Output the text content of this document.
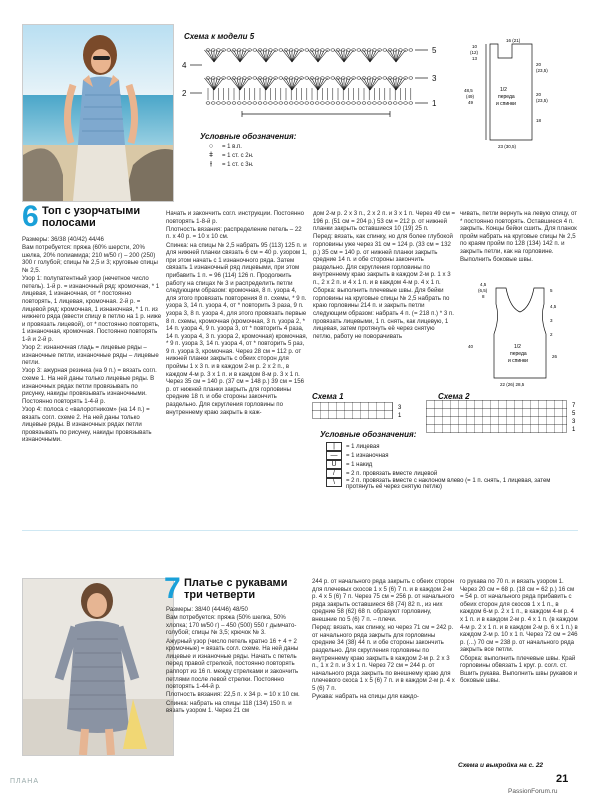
Схема к модели 5
5
3
1
4
2
Условные обозначения:
○	= 1 в.п.
ǂ	= 1 ст. с 2н.
⫲	= 1 ст. с 3н.
1/2
переда
и спинки
10
(12)
13
48,5
(49)
49
20
(23,5)
20
(23,5)
18
23 (30,5)
16 (21)
6 Топ с узорчатыми
полосами

Размеры: 36/38 (40/42) 44/46

Вам потребуется: пряжа (60% шерсти, 20% шелка, 20% полиамида; 210 м/50 г) – 200 (250) 300 г голубой; спицы № 2,5 и 3; круговые спицы № 2,5.

Узор 1: полупатентный узор (нечетное число петель). 1-й р. = изнаночный ряд: кромочная, * 1 лицевая, 1 изнаночная, от * постоянно повторять, 1 лицевая, кромочная. 2-й р. = лицевой ряд: кромочная, 1 изнаночная, * 1 п. из нижнего ряда (ввести спицу в петлю на 1 р. ниже и провязать лицевой), от * постоянно повторять, 1 изнаночная, кромочная. Постоянно повторять 1-й и 2-й р.

Узор 2: изнаночная гладь = лицевые ряды – изнаночные петли, изнаночные ряды – лицевые петли.

Узор 3: ажурная резинка (на 9 п.) = вязать согл. схеме 1. На ней даны только лицевые ряды. В изнаночных рядах петли провязывать по рисунку, накиды провязывать изнаночными. Постоянно повторять 1-4-й р.

Узор 4: полоса с «валоротником» (на 14 п.) = вязать согл. схеме 2. На ней даны только лицевые ряды. В изнаночных рядах петли провязывать по рисунку, накиды провязывать изнаночными.

Начать и закончить согл. инструкции. Постоянно повторять 1-8-й р.

Плотность вязания: распределение петель – 22 п. х 40 р. = 10 х 10 см.

Спинка: на спицы № 2,5 набрать 95 (113) 125 п. и для нижней планки связать 6 см = 40 р. узором 1, при этом начать с 1 изнаночного ряда. Затем связать 1 изнаночный ряд лицевыми, при этом прибавить 1 п. = 96 (114) 126 п. Продолжить работу на спицах № 3 и распределить петли следующим образом: кромочная, 8 п. узора 4, для этого провязать повторения 8 п. схемы, * 9 п. узора 3, 14 п. узора 4, от * повторить 3 раза, 9 п. узора 3, 8 п. узора 4, для этого провязать первые 8 п. схемы, кромочная (кромочная, 3 п. узора 2, * 14 п. узора 4, 9 п. узора 3, от * повторить 4 раза, 14 п. узора 4, 3 п. узора 2, кромочная) кромочная, * 9 п. узора 3, 14 п. узора 4, от * повторить 5 раз, 9 п. узора 3, кромочная. Через 28 см = 112 р. от нижней планки закрыть с обеих сторон для проймы 1 х 3 п. и в каждом 2-м р. 2 х 2 п., в каждом 4-м р. 3 х 1 п. и в каждом 8-м р. 3 х 1 п. Через 35 см = 140 р. (37 см = 148 р.) 39 см = 156 р. от нижней планки закрыть для горловины средние 18 п. и обе стороны закончить раздельно. Для скругления горловины по внутреннему краю закрыть в каж-

дом 2-м р. 2 х 3 п., 2 х 2 п. и 3 х 1 п. Через 49 см = 196 р. (51 см = 204 р.) 53 см = 212 р. от нижней планки закрыть оставшиеся 10 (19) 25 п.

Перед: вязать, как спинку, но для более глубокой горловины уже через 31 см = 124 р. (33 см = 132 р.) 35 см = 140 р. от нижней планки закрыть средние 14 п. и обе стороны закончить раздельно. Для скругления горловины по внутреннему краю закрыть в каждом 2-м р. 1 х 3 п., 2 х 2 п. и 4 х 1 п. и в каждом 4-м р. 4 х 1 п.

Сборка: выполнить плечевые швы. Для бейки горловины на круговые спицы № 2,5 набрать по краю горловины 214 п. и закрыть петли следующим образом: набрать 4 п. (= 218 п.) * 3 п. провязать лицевыми, 1 п. снять, как лицевую, 1 лицевая, затем протянуть её через снятую петлю, работу не поворачивать

чивать, петли вернуть на левую спицу, от * постоянно повторять. Оставшиеся 4 п. закрыть. Концы бейки сшить. Для планок пройм набрать на круговые спицы № 2,5 по краям пройм по 128 (134) 142 п. и закрыть петли, как на горловине. Выполнить боковые швы.

1/2
переда
и спинки
4,5
(6,5)
8
5
4,5
3
2
26
40
22 (26) 28,5
Схема 1
3
1
Схема 2
7
5
3
1
Условные обозначения:
|	= 1 лицевая
—	= 1 изнаночная
U	= 1 накид
/	= 2 п. провязать вместе лицевой
\	= 2 п. провязать вместе с наклоном влево (= 1 п. снять, 1 лицевая, затем протянуть её через снятую петлю)
7 Платье с рукавами
три четверти

Размеры: 38/40 (44/46) 48/50

Вам потребуется: пряжа (50% шелка, 50% хлопка; 170 м/50 г) – 450 (500) 550 г дымчато-голубой; спицы № 3,5; крючок № 3.

Ажурный узор (число петель кратно 16 + 4 + 2 кромочные) = вязать согл. схеме. На ней даны лицевые и изнаночные ряды. Начать с петель перед правой стрелкой, постоянно повторять раппорт из 16 п. между стрелками и закончить петлями после левой стрелки. Постоянно повторять 1-44-й р.

Плотность вязания: 22,5 п. х 34 р. = 10 х 10 см.

Спинка: набрать на спицы 118 (134) 150 п. и вязать узором 1. Через 21 см

244 р. от начального ряда закрыть с обеих сторон для плечевых скосов 1 х 5 (6) 7 п. и в каждом 2-м р. 4 х 5 (6) 7 п. Через 75 см = 256 р. от начального ряда закрыть оставшиеся 68 (74) 82 п., из них средние 58 (62) 68 п. образуют горловину, внешние по 5 (6) 7 п. – плечи.

Перед: вязать, как спинку, но через 71 см = 242 р. от начального ряда закрыть для горловины средние 34 (38) 44 п. и обе стороны закончить раздельно. Для скругления горловины по внутреннему краю закрыть в каждом 2-м р. 2 х 3 п., 1 х 2 п. и 3 х 1 п. Через 72 см = 244 р. от начального ряда закрыть по внешнему краю для плечевого скоса 1 х 5 (6) 7 п. и в каждом 2-м р. 4 х 5 (6) 7 п.

Рукава: набрать на спицы для каждо-

го рукава по 70 п. и вязать узором 1. Через 20 см = 68 р. (18 см = 62 р.) 16 см = 54 р. от начального ряда прибавить с обеих сторон для скосов 1 х 1 п., в каждом 6-м р. 2 х 1 п., в каждом 4-м р. 4 х 1 п. и в каждом 2-м р. 4 х 1 п. (в каждом 4-м р. 2 х 1 п. и в каждом 2-м р. 6 х 1 п.) в каждом 2-м р. 10 х 1 п. Через 72 см = 246 р. (...) 70 см = 238 р. от начального ряда закрыть все петли.

Сборка: выполнить плечевые швы. Край горловины обвязать 1 круг. р. согл. ст. Вшить рукава. Выполнить швы рукавов и боковые швы.

Схема и выкройка на с. 22
ПЛАНА	21
PassionForum.ru
